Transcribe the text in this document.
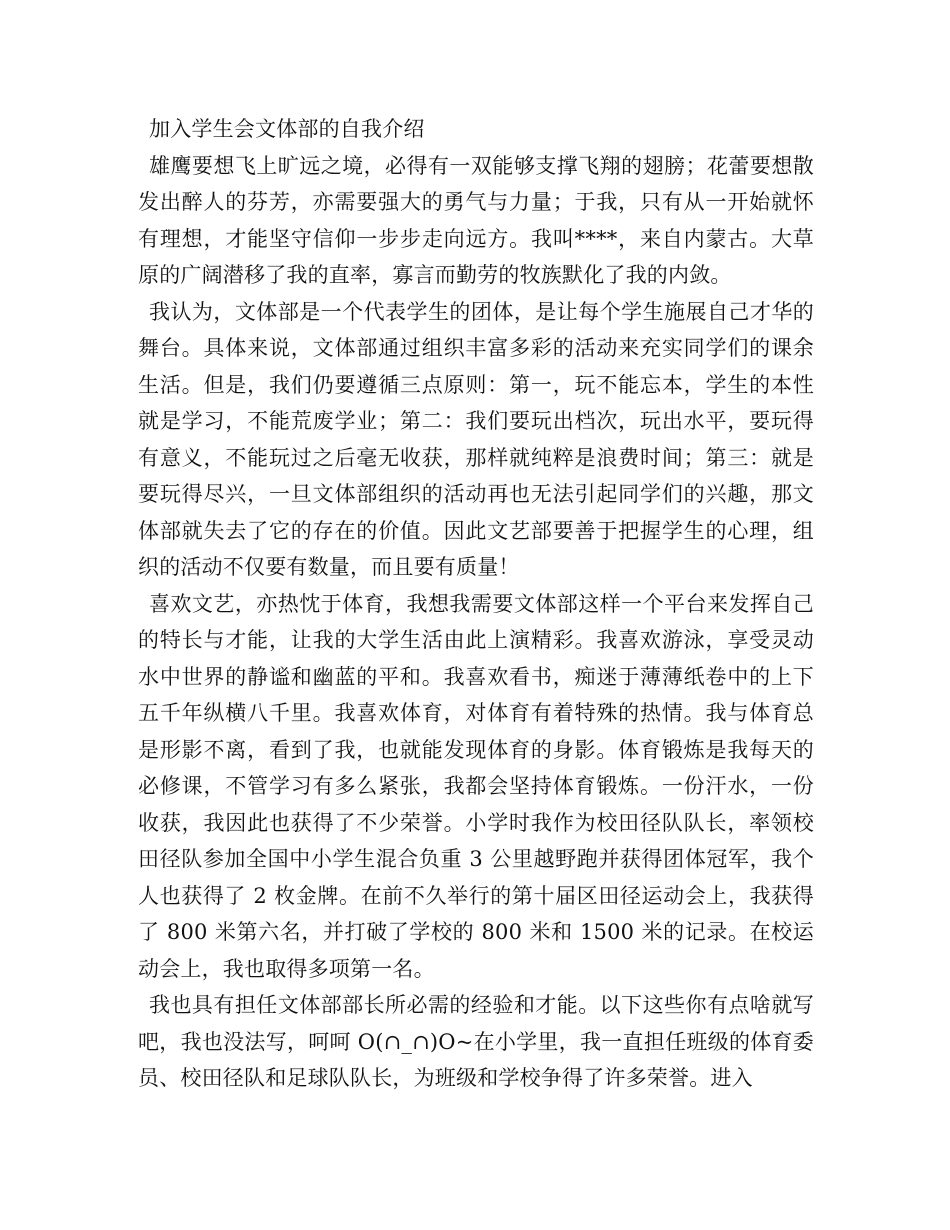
加入学生会文体部的自我介绍

雄鹰要想飞上旷远之境，必得有一双能够支撑飞翔的翅膀；花蕾要想散发出醉人的芬芳，亦需要强大的勇气与力量；于我，只有从一开始就怀有理想，才能坚守信仰一步步走向远方。我叫****，来自内蒙古。大草原的广阔潜移了我的直率，寡言而勤劳的牧族默化了我的内敛。

我认为，文体部是一个代表学生的团体，是让每个学生施展自己才华的舞台。具体来说，文体部通过组织丰富多彩的活动来充实同学们的课余生活。但是，我们仍要遵循三点原则：第一，玩不能忘本，学生的本性就是学习，不能荒废学业；第二：我们要玩出档次，玩出水平，要玩得有意义，不能玩过之后毫无收获，那样就纯粹是浪费时间；第三：就是要玩得尽兴，一旦文体部组织的活动再也无法引起同学们的兴趣，那文体部就失去了它的存在的价值。因此文艺部要善于把握学生的心理，组织的活动不仅要有数量，而且要有质量！

喜欢文艺，亦热忱于体育，我想我需要文体部这样一个平台来发挥自己的特长与才能，让我的大学生活由此上演精彩。我喜欢游泳，享受灵动水中世界的静谧和幽蓝的平和。我喜欢看书，痴迷于薄薄纸卷中的上下五千年纵横八千里。我喜欢体育，对体育有着特殊的热情。我与体育总是形影不离，看到了我，也就能发现体育的身影。体育锻炼是我每天的必修课，不管学习有多么紧张，我都会坚持体育锻炼。一份汗水，一份收获，我因此也获得了不少荣誉。小学时我作为校田径队队长，率领校田径队参加全国中小学生混合负重 3 公里越野跑并获得团体冠军，我个人也获得了 2 枚金牌。在前不久举行的第十届区田径运动会上，我获得了 800 米第六名，并打破了学校的 800 米和 1500 米的记录。在校运动会上，我也取得多项第一名。

我也具有担任文体部部长所必需的经验和才能。以下这些你有点啥就写吧，我也没法写，呵呵 O(∩_∩)O~在小学里，我一直担任班级的体育委员、校田径队和足球队队长，为班级和学校争得了许多荣誉。进入
